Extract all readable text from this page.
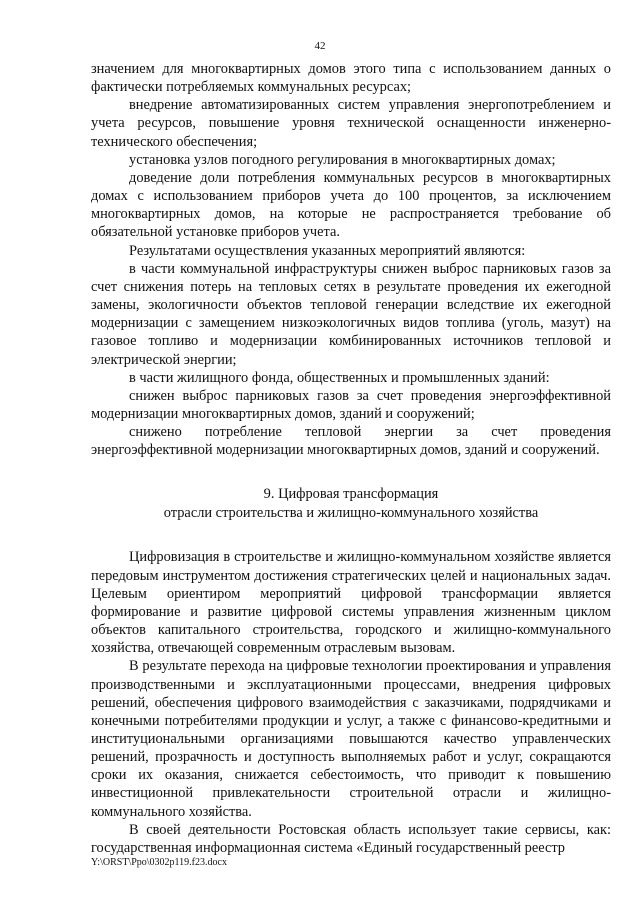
42

значением для многоквартирных домов этого типа с использованием данных о фактически потребляемых коммунальных ресурсах;

внедрение автоматизированных систем управления энергопотреблением и учета ресурсов, повышение уровня технической оснащенности инженерно-технического обеспечения;

установка узлов погодного регулирования в многоквартирных домах;

доведение доли потребления коммунальных ресурсов в многоквартирных домах с использованием приборов учета до 100 процентов, за исключением многоквартирных домов, на которые не распространяется требование об обязательной установке приборов учета.

Результатами осуществления указанных мероприятий являются:

в части коммунальной инфраструктуры снижен выброс парниковых газов за счет снижения потерь на тепловых сетях в результате проведения их ежегодной замены, экологичности объектов тепловой генерации вследствие их ежегодной модернизации с замещением низкоэкологичных видов топлива (уголь, мазут) на газовое топливо и модернизации комбинированных источников тепловой и электрической энергии;

в части жилищного фонда, общественных и промышленных зданий:

снижен выброс парниковых газов за счет проведения энергоэффективной модернизации многоквартирных домов, зданий и сооружений;

снижено потребление тепловой энергии за счет проведения энергоэффективной модернизации многоквартирных домов, зданий и сооружений.

9. Цифровая трансформация
отрасли строительства и жилищно-коммунального хозяйства

Цифровизация в строительстве и жилищно-коммунальном хозяйстве является передовым инструментом достижения стратегических целей и национальных задач. Целевым ориентиром мероприятий цифровой трансформации является формирование и развитие цифровой системы управления жизненным циклом объектов капитального строительства, городского и жилищно-коммунального хозяйства, отвечающей современным отраслевым вызовам.

В результате перехода на цифровые технологии проектирования и управления производственными и эксплуатационными процессами, внедрения цифровых решений, обеспечения цифрового взаимодействия с заказчиками, подрядчиками и конечными потребителями продукции и услуг, а также с финансово-кредитными и институциональными организациями повышаются качество управленческих решений, прозрачность и доступность выполняемых работ и услуг, сокращаются сроки их оказания, снижается себестоимость, что приводит к повышению инвестиционной привлекательности строительной отрасли и жилищно-коммунального хозяйства.

В своей деятельности Ростовская область использует такие сервисы, как: государственная информационная система «Единый государственный реестр

Y:\ORST\Ppo\0302p119.f23.docx
